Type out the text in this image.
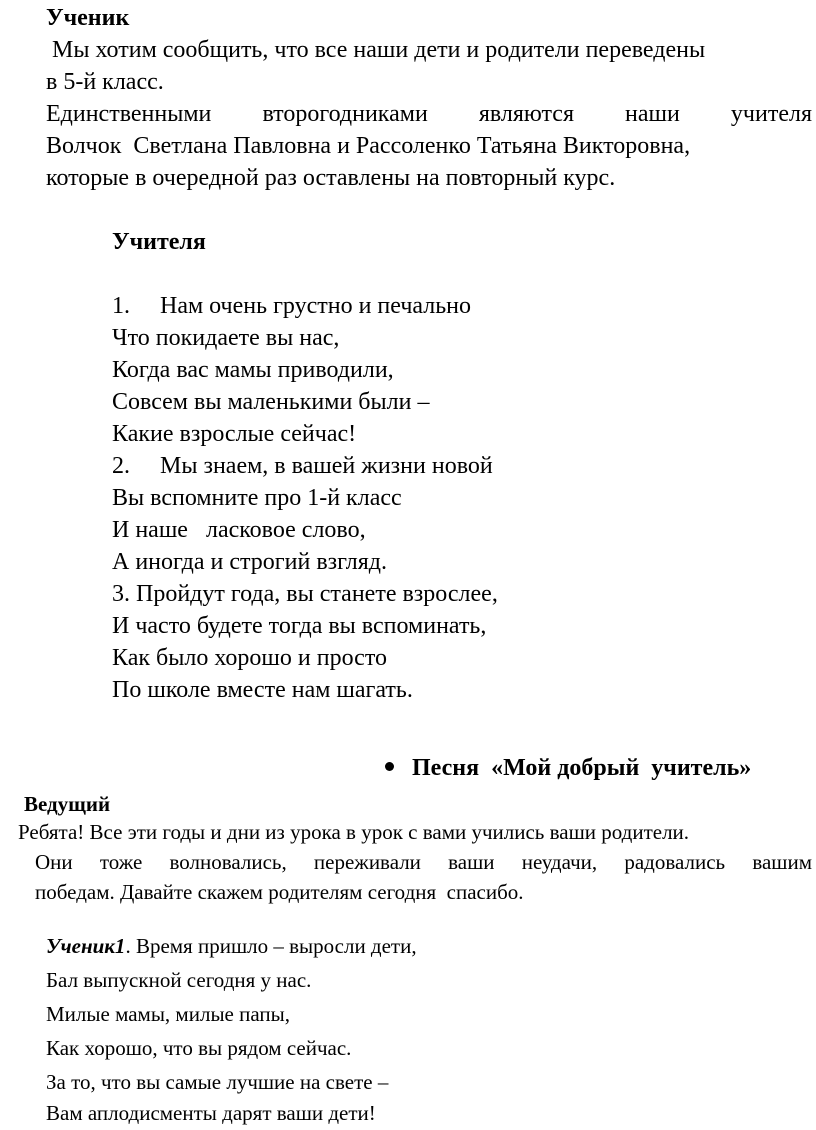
Ученик
Мы хотим сообщить, что все наши дети и родители переведены
в 5-й класс.
Единственными второгодниками являются наши учителя
Волчок  Светлана Павловна и Рассоленко Татьяна Викторовна,
которые в очередной раз оставлены на повторный курс.
Учителя
1. Нам очень грустно и печально
Что покидаете вы нас,
Когда вас мамы приводили,
Совсем вы маленькими были –
Какие взрослые сейчас!
2. Мы знаем, в вашей жизни новой
Вы вспомните про 1-й класс
И наше   ласковое слово,
А иногда и строгий взгляд.
3. Пройдут года, вы станете взрослее,
И часто будете тогда вы вспоминать,
Как было хорошо и просто
По школе вместе нам шагать.
Песня  «Мой добрый  учитель»
Ведущий
Ребята! Все эти годы и дни из урока в урок с вами учились ваши родители.
Они тоже волновались, переживали ваши неудачи, радовались вашим
победам. Давайте скажем родителям сегодня  спасибо.
Ученик1. Время пришло – выросли дети,
Бал выпускной сегодня у нас.
Милые мамы, милые папы,
Как хорошо, что вы рядом сейчас.
За то, что вы самые лучшие на свете –
Вам аплодисменты дарят ваши дети!
